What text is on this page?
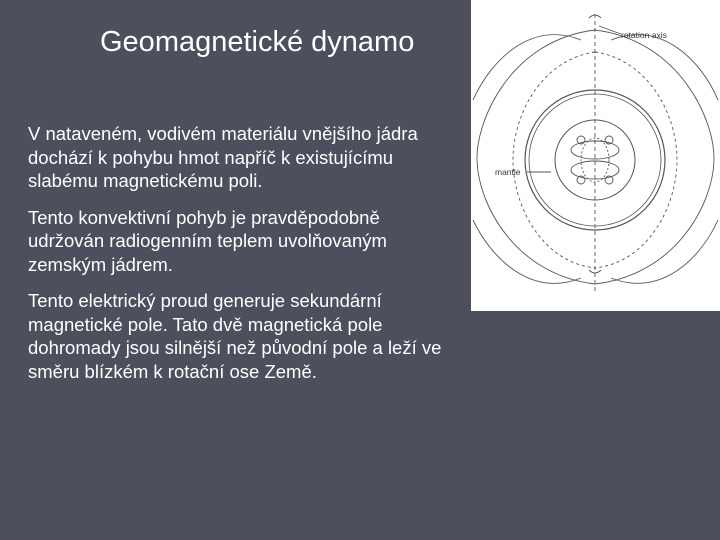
Geomagnetické dynamo

V nataveném, vodivém materiálu vnějšího jádra dochází k pohybu hmot napříč k existujícímu slabému magnetickému poli.

Tento konvektivní pohyb je pravděpodobně udržován radiogenním teplem uvolňovaným zemským jádrem.

Tento elektrický proud generuje sekundární magnetické pole. Tato dvě magnetická pole dohromady jsou silnější než původní pole a leží ve směru blízkém k rotační ose Země.

rotation axis
mantle
